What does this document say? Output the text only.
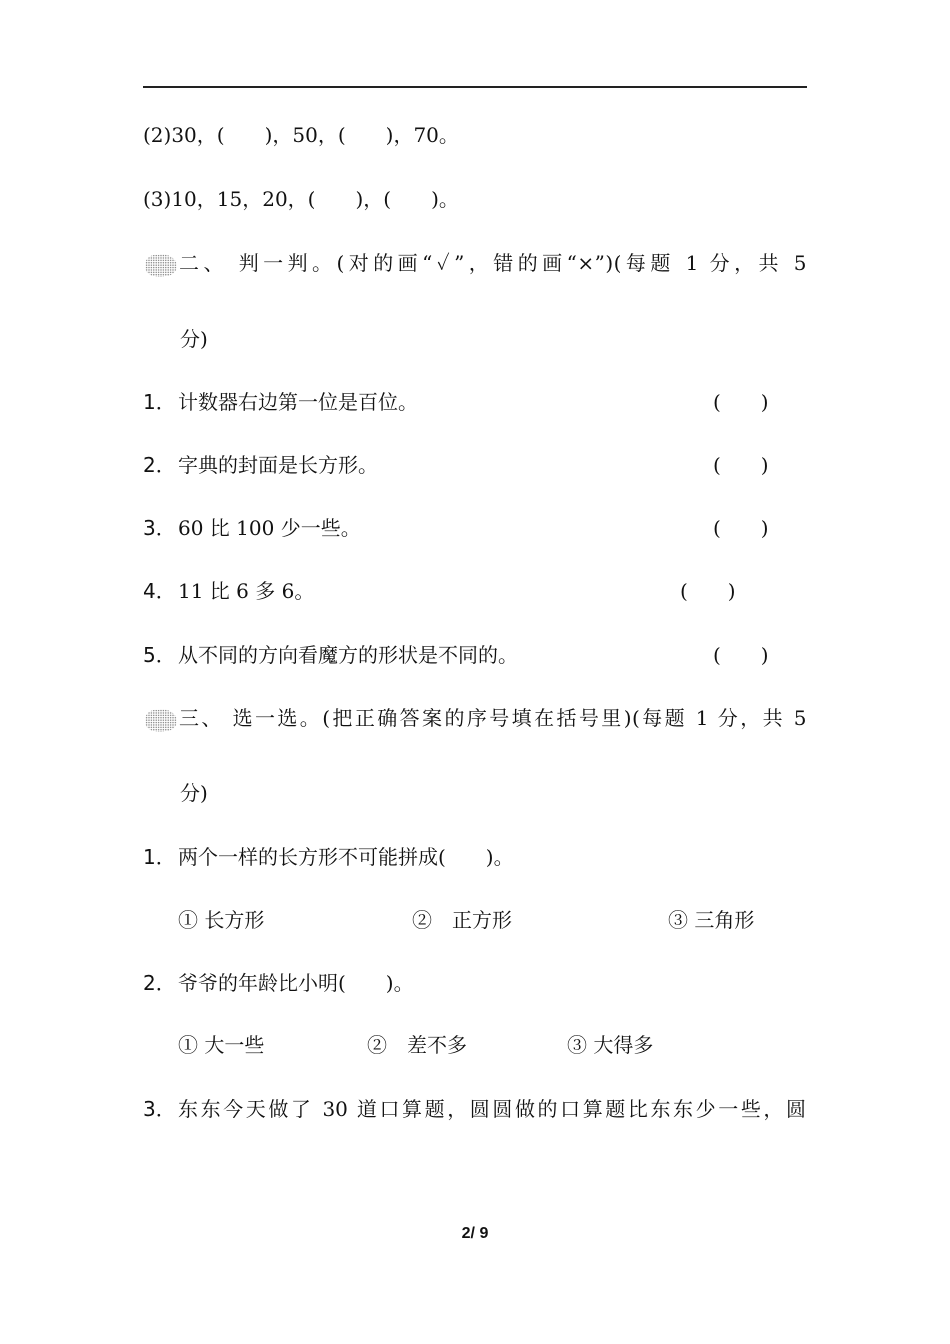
(2)30，(　　)，50，(　　)，70。
(3)10，15，20，(　　)，(　　)。
二、 判一判。(对的画“✓”，错的画“×”)(每题 1 分，共 5
分)
1． 计数器右边第一位是百位。	(　　)
2． 字典的封面是长方形。	(　　)
3． 60 比 100 少一些。	(　　)
4． 11 比 6 多 6。	(　　)
5． 从不同的方向看魔方的形状是不同的。	(　　)
三、 选一选。(把正确答案的序号填在括号里)(每题 1 分，共 5
分)
1． 两个一样的长方形不可能拼成(　　)。
① 长方形	②　正方形	③ 三角形
2． 爷爷的年龄比小明(　　)。
① 大一些	②　差不多	③ 大得多
3． 东东今天做了 30 道口算题，圆圆做的口算题比东东少一些，圆
2/ 9
